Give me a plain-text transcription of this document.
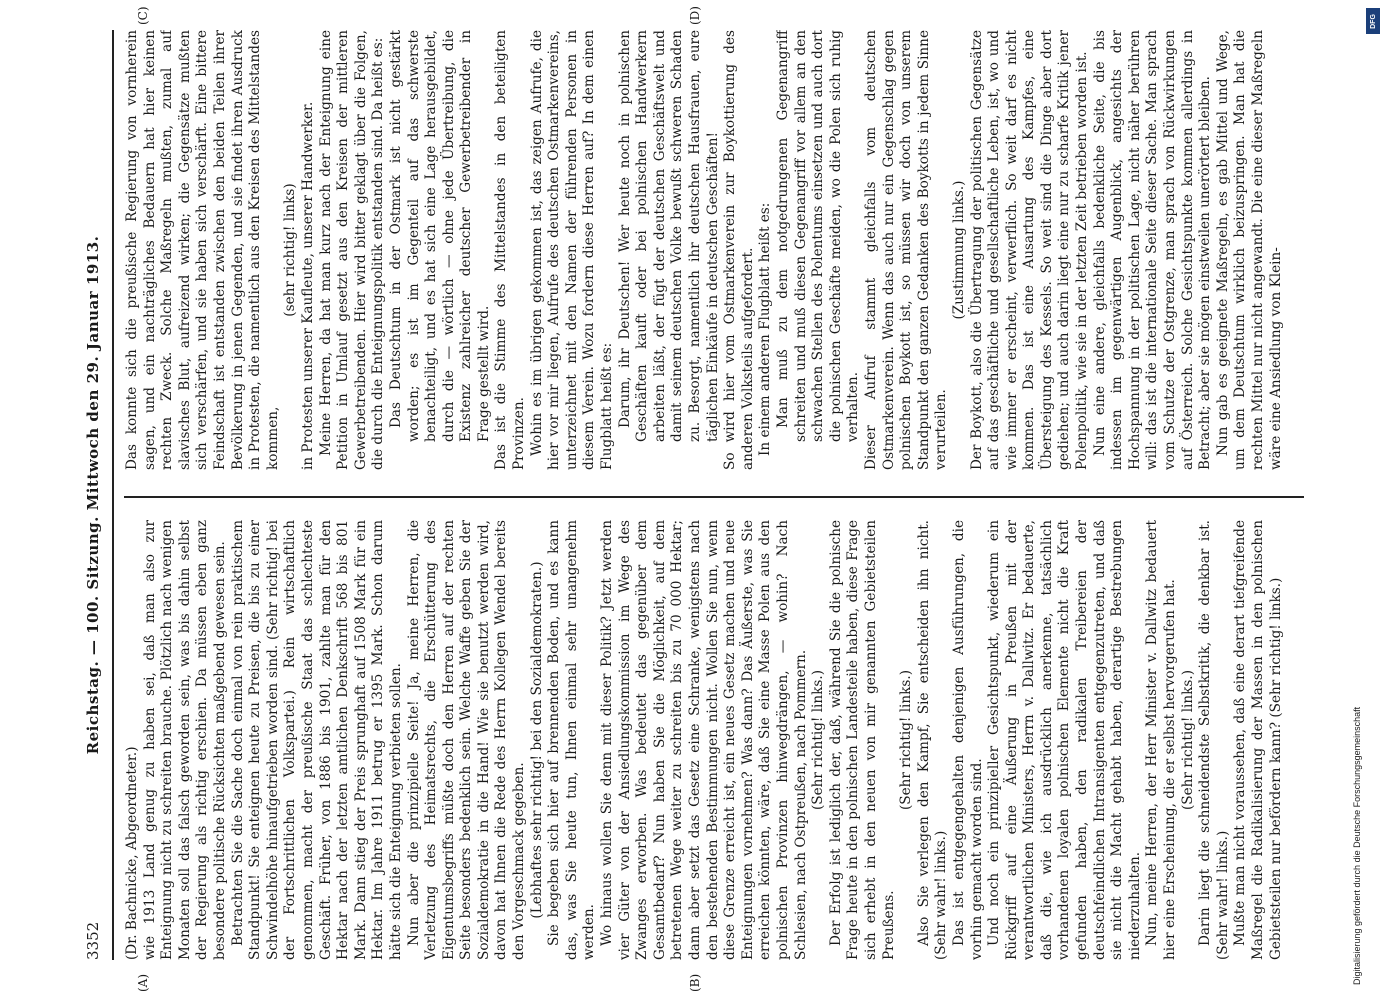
3352
Reichstag. — 100. Sitzung. Mittwoch den 29. Januar 1913.
(A)	(B)
(C)	(D)

(Dr. Bachnicke, Abgeordneter.) wie 1913 Land genug zu haben sei, daß man also zur Enteignung nicht zu schreiten brauche. Plötzlich nach wenigen Monaten soll das falsch geworden sein, was bis dahin selbst der Regierung als richtig erschien. Da müssen eben ganz besondere politische Rücksichten maßgebend gewesen sein. Betrachten Sie die Sache doch einmal von rein praktischem Standpunkt! Sie enteignen heute zu Preisen, die bis zu einer Schwindelhöhe hinaufgetrieben worden sind. (Sehr richtig! bei der Fortschrittlichen Volkspartei.) Rein wirtschaftlich genommen, macht der preußische Staat das schlechteste Geschäft. Früher, von 1886 bis 1901, zahlte man für den Hektar nach der letzten amtlichen Denkschrift 568 bis 801 Mark. Dann stieg der Preis sprunghaft auf 1508 Mark für ein Hektar. Im Jahre 1911 betrug er 1395 Mark. Schon darum hätte sich die Enteignung verbieten sollen. Nun aber die prinzipielle Seite! Ja, meine Herren, die Verletzung des Heimatsrechts, die Erschütterung des Eigentumsbegriffs müßte doch den Herren auf der rechten Seite besonders bedenklich sein. Welche Waffe geben Sie der Sozialdemokratie in die Hand! Wie sie benutzt werden wird, davon hat Ihnen die Rede des Herrn Kollegen Wendel bereits den Vorgeschmack gegeben. (Lebhaftes sehr richtig! bei den Sozialdemokraten.) Sie begeben sich hier auf brennenden Boden, und es kann das, was Sie heute tun, Ihnen einmal sehr unangenehm werden. Wo hinaus wollen Sie denn mit dieser Politik? Jetzt werden vier Güter von der Ansiedlungskommission im Wege des Zwanges erworben. Was bedeutet das gegenüber dem Gesamtbedarf? Nun haben Sie die Möglichkeit, auf dem betretenen Wege weiter zu schreiten bis zu 70 000 Hektar; dann aber setzt das Gesetz eine Schranke, wenigstens nach den bestehenden Bestimmungen nicht. Wollen Sie nun, wenn diese Grenze erreicht ist, ein neues Gesetz machen und neue Enteignungen vornehmen? Was dann? Das Äußerste, was Sie erreichen könnten, wäre, daß Sie eine Masse Polen aus den polnischen Provinzen hinwegdrängen, — wohin? Nach Schlesien, nach Ostpreußen, nach Pommern. (Sehr richtig! links.) Der Erfolg ist lediglich der, daß, während Sie die polnische Frage heute in den polnischen Landesteile haben, diese Frage sich erhebt in den neuen von mir genannten Gebietsteilen Preußens.

(Sehr richtig! links.) Also Sie verlegen den Kampf, Sie entscheiden ihn nicht. (Sehr wahr! links.) Das ist entgegengehalten denjenigen Ausführungen, die vorhin gemacht worden sind. Und noch ein prinzipieller Gesichtspunkt, wiederum ein Rückgriff auf eine Äußerung in Preußen mit der verantwortlichen Ministers, Herrn v. Dallwitz. Er bedauerte, daß die, wie ich ausdrücklich anerkenne, tatsächlich vorhandenen loyalen polnischen Elemente nicht die Kraft gefunden haben, den radikalen Treibereien der deutschfeindlichen Intransigenten entgegenzutreten, und daß sie nicht die Macht gehabt haben, derartige Bestrebungen niederzuhalten. Nun, meine Herren, der Herr Minister v. Dallwitz bedauert hier eine Erscheinung, die er selbst hervorgerufen hat. (Sehr richtig! links.) Darin liegt die schneidendste Selbstkritik, die denkbar ist. (Sehr wahr! links.) Mußte man nicht voraussehen, daß eine derart tiefgreifende Maßregel die Radikalisierung der Massen in den polnischen Gebietsteilen nur befördern kann? (Sehr richtig! links.)

Das konnte sich die preußische Regierung von vornherein sagen, und ein nachträgliches Bedauern hat hier keinen rechten Zweck. Solche Maßregeln mußten, zumal auf slavisches Blut, aufreizend wirken; die Gegensätze mußten sich verschärfen, und sie haben sich verschärft. Eine bittere Feindschaft ist entstanden zwischen den beiden Teilen ihrer Bevölkerung in jenen Gegenden, und sie findet ihren Ausdruck in Protesten, die namentlich aus den Kreisen des Mittelstandes kommen,

(sehr richtig! links) in Protesten unserer Kaufleute, unserer Handwerker. Meine Herren, da hat man kurz nach der Enteignung eine Petition in Umlauf gesetzt aus den Kreisen der mittleren Gewerbetreibenden. Hier wird bitter geklagt über die Folgen, die durch die Enteignungspolitik entstanden sind. Da heißt es: Das Deutschtum in der Ostmark ist nicht gestärkt worden; es ist im Gegenteil auf das schwerste benachteiligt, und es hat sich eine Lage herausgebildet, durch die — wörtlich — ohne jede Übertreibung, die Existenz zahlreicher deutscher Gewerbetreibender in Frage gestellt wird. Das ist die Stimme des Mittelstandes in den beteiligten Provinzen. Wohin es im übrigen gekommen ist, das zeigen Aufrufe, die hier vor mir liegen, Aufrufe des deutschen Ostmarkenvereins, unterzeichnet mit den Namen der führenden Personen in diesem Verein. Wozu fordern diese Herren auf? In dem einen Flugblatt heißt es: Darum, ihr Deutschen! Wer heute noch in polnischen Geschäften kauft oder bei polnischen Handwerkern arbeiten läßt, der fügt der deutschen Geschäftswelt und damit seinem deutschen Volke bewußt schweren Schaden zu. Besorgt, namentlich ihr deutschen Hausfrauen, eure täglichen Einkäufe in deutschen Geschäften! So wird hier vom Ostmarkenverein zur Boykottierung des anderen Volksteils aufgefordert. In einem anderen Flugblatt heißt es: Man muß zu dem notgedrungenen Gegenangriff schreiten und muß diesen Gegenangriff vor allem an den schwachen Stellen des Polentums einsetzen und auch dort die polnischen Geschäfte meiden, wo die Polen sich ruhig verhalten. Dieser Aufruf stammt gleichfalls vom deutschen Ostmarkenverein. Wenn das auch nur ein Gegenschlag gegen polnischen Boykott ist, so müssen wir doch von unserem Standpunkt den ganzen Gedanken des Boykotts in jedem Sinne verurteilen.

(Zustimmung links.) Der Boykott, also die Übertragung der politischen Gegensätze auf das geschäftliche und gesellschaftliche Leben, ist, wo und wie immer er erscheint, verwerflich. So weit darf es nicht kommen. Das ist eine Ausartung des Kampfes, eine Übersteigung des Kessels. So weit sind die Dinge aber dort gediehen; und auch darin liegt eine nur zu scharfe Kritik jener Polenpolitik, wie sie in der letzten Zeit betrieben worden ist. Nun eine andere, gleichfalls bedenkliche Seite, die bis indessen im gegenwärtigen Augenblick, angesichts der Hochspannung in der politischen Lage, nicht näher berühren will: das ist die internationale Seite dieser Sache. Man sprach vom Schutze der Ostgrenze, man sprach von Rückwirkungen auf Österreich. Solche Gesichtspunkte kommen allerdings in Betracht; aber sie mögen einstweilen unerörtert bleiben. Nun gab es geeignete Maßregeln, es gab Mittel und Wege, um dem Deutschtum wirklich beizuspringen. Man hat die rechten Mittel nur nicht angewandt. Die eine dieser Maßregeln wäre eine Ansiedlung von Klein-

DFG
Digitalisierung gefördert durch die Deutsche Forschungsgemeinschaft
